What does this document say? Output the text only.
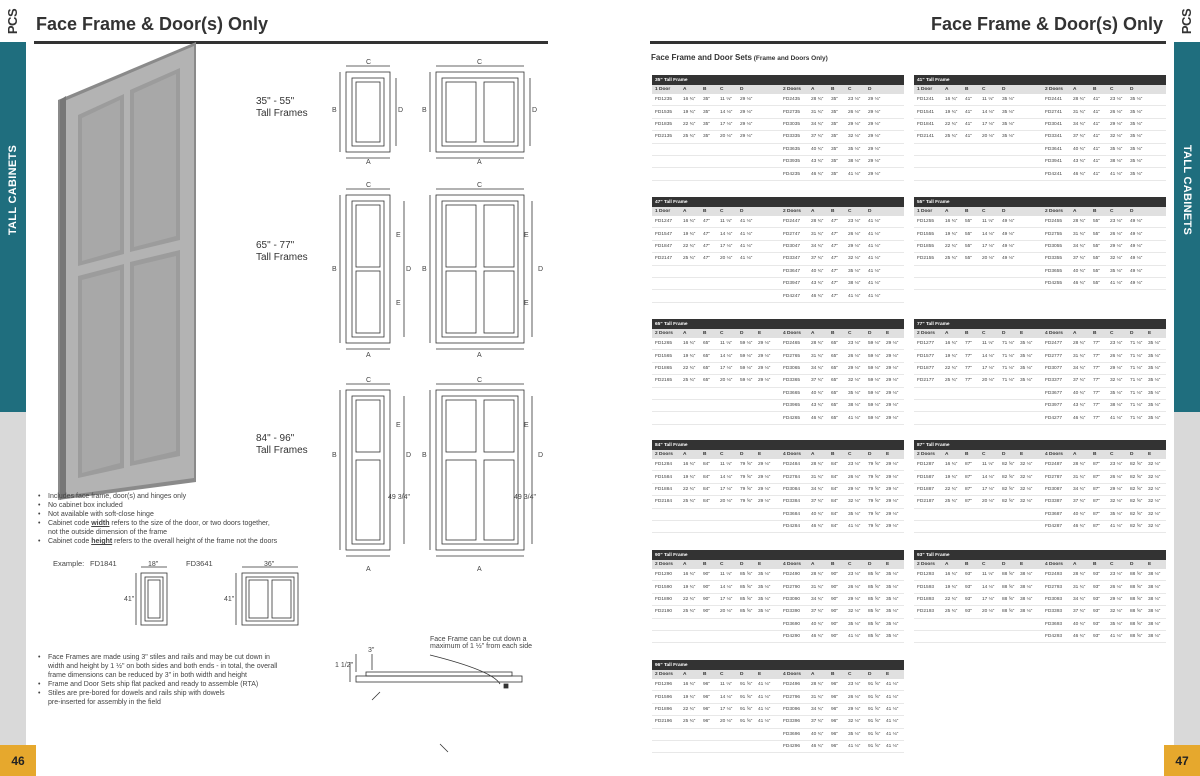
PCS
TALL CABINETS
PCS
TALL CABINETS
46	47
Face Frame & Door(s) Only	Face Frame & Door(s) Only
C	C
B	B
D	D
A	A
C	C
B	B
D	D
E
E
E
E
A	A
C	C
B	B
D	D
E	E
49 3/4"	49 3/4"
A	A
35" - 55"
Tall Frames
65" - 77"
Tall Frames
84" - 96"
Tall Frames
• Includes face frame, door(s) and hinges only
• No cabinet box included
• Not available with soft-close hinge
• Cabinet code width refers to the size of the door, or two doors together,
not the outside dimension of the frame
• Cabinet code height refers to the overall height of the frame not the doors
Example: FD1841	FD3641
18"	36"
41"	41"
• Face Frames are made using 3" stiles and rails and may be cut down in
width and height by 1 ½" on both sides and both ends - in total, the overall
frame dimensions can be reduced by 3" in both width and height
• Frame and Door Sets ship flat packed and ready to assemble (RTA)
• Stiles are pre-bored for dowels and rails ship with dowels
pre-inserted for assembly in the field
3"
1 1/2"
Face Frame can be cut down a
maximum of 1 ½" from each side
Face Frame and Door Sets (Frame and Doors Only)
35" Tall Frame
1 Door	A	B	C	D	2 Doors A	B	C	D
FD1235 16 ¾" 35" 11 ⅛" 29 ⅛"	FD2435 28 ¾" 35" 23 ⅛" 29 ⅛"
FD1535 19 ¾" 35" 14 ⅛" 29 ⅛"	FD2735 31 ¾" 35" 26 ⅛" 29 ⅛"
FD1835 22 ¾" 35" 17 ⅛" 29 ⅛"	FD3035 34 ¾" 35" 29 ⅛" 29 ⅛"
FD2135 25 ¾" 35" 20 ⅛" 29 ⅛"	FD3335 37 ¾" 35" 32 ⅛" 29 ⅛"
FD3635 40 ¾" 35" 35 ⅛" 29 ⅛"
FD3935 43 ¾" 35" 38 ⅛" 29 ⅛"
FD4235 46 ¾" 35" 41 ⅛" 29 ⅛"
41" Tall Frame
1 Door	A	B	C	D	2 Doors A	B	C	D
FD1241 16 ¾" 41" 11 ⅛" 35 ⅛"	FD2441 28 ¾" 41" 23 ⅛" 35 ⅛"
FD1541 19 ¾" 41" 14 ⅛" 35 ⅛"	FD2741 31 ¾" 41" 26 ⅛" 35 ⅛"
FD1841 22 ¾" 41" 17 ⅛" 35 ⅛"	FD3041 34 ¾" 41" 29 ⅛" 35 ⅛"
FD2141 25 ¾" 41" 20 ⅛" 35 ⅛"	FD3341 37 ¾" 41" 32 ⅛" 35 ⅛"
FD3641 40 ¾" 41" 35 ⅛" 35 ⅛"
FD3941 43 ¾" 41" 38 ⅛" 35 ⅛"
FD4241 46 ¾" 41" 41 ⅛" 35 ⅛"
47" Tall Frame
1 Door	A	B	C	D	2 Doors A	B	C	D
FD1247 16 ¾" 47" 11 ⅛" 41 ⅛"	FD2447 28 ¾" 47" 23 ⅛" 41 ⅛"
FD1547 19 ¾" 47" 14 ⅛" 41 ⅛"	FD2747 31 ¾" 47" 26 ⅛" 41 ⅛"
FD1847 22 ¾" 47" 17 ⅛" 41 ⅛"	FD3047 34 ¾" 47" 29 ⅛" 41 ⅛"
FD2147 25 ¾" 47" 20 ⅛" 41 ⅛"	FD3347 37 ¾" 47" 32 ⅛" 41 ⅛"
FD3647 40 ¾" 47" 35 ⅛" 41 ⅛"
FD3947 43 ¾" 47" 38 ⅛" 41 ⅛"
FD4247 46 ¾" 47" 41 ⅛" 41 ⅛"
55" Tall Frame
1 Door	A	B	C	D	2 Doors A	B	C	D
FD1255 16 ¾" 55" 11 ⅛" 49 ⅛"	FD2455 28 ¾" 55" 23 ⅛" 49 ⅛"
FD1555 19 ¾" 55" 14 ⅛" 49 ⅛"	FD2755 31 ¾" 55" 26 ⅛" 49 ⅛"
FD1855 22 ¾" 55" 17 ⅛" 49 ⅛"	FD3055 34 ¾" 55" 29 ⅛" 49 ⅛"
FD2155 25 ¾" 55" 20 ⅛" 49 ⅛"	FD3355 37 ¾" 55" 32 ⅛" 49 ⅛"
FD3655 40 ¾" 55" 35 ⅛" 49 ⅛"
FD4255 46 ¾" 55" 41 ⅛" 49 ⅛"
65" Tall Frame
2 Doors A	B	C	D	E	4 Doors A	B	C	D	E
FD1265 16 ¾" 65" 11 ⅛" 59 ⅛" 29 ⅛"	FD2465 28 ¾" 65" 23 ⅛" 59 ⅛" 29 ⅛"
FD1565 19 ¾" 65" 14 ⅛" 59 ⅛" 29 ⅛"	FD2765 31 ¾" 65" 26 ⅛" 59 ⅛" 29 ⅛"
FD1865 22 ¾" 65" 17 ⅛" 59 ⅛" 29 ⅛"	FD3065 34 ¾" 65" 29 ⅛" 59 ⅛" 29 ⅛"
FD2165 25 ¾" 65" 20 ⅛" 59 ⅛" 29 ⅛"	FD3365 37 ¾" 65" 32 ⅛" 59 ⅛" 29 ⅛"
FD3665 40 ¾" 65" 35 ⅛" 59 ⅛" 29 ⅛"
FD3965 43 ¾" 65" 38 ⅛" 59 ⅛" 29 ⅛"
FD4265 46 ¾" 65" 41 ⅛" 59 ⅛" 29 ⅛"
77" Tall Frame
2 Doors A	B	C	D	E	4 Doors A	B	C	D	E
FD1277 16 ¾" 77" 11 ⅛" 71 ⅛" 35 ⅛"	FD2477 28 ¾" 77" 23 ⅛" 71 ⅛" 35 ⅛"
FD1577 19 ¾" 77" 14 ⅛" 71 ⅛" 35 ⅛"	FD2777 31 ¾" 77" 26 ⅛" 71 ⅛" 35 ⅛"
FD1877 22 ¾" 77" 17 ⅛" 71 ⅛" 35 ⅛"	FD3077 34 ¾" 77" 29 ⅛" 71 ⅛" 35 ⅛"
FD2177 25 ¾" 77" 20 ⅛" 71 ⅛" 35 ⅛"	FD3377 37 ¾" 77" 32 ⅛" 71 ⅛" 35 ⅛"
FD3677 40 ¾" 77" 35 ⅛" 71 ⅛" 35 ⅛"
FD3977 43 ¾" 77" 38 ⅛" 71 ⅛" 35 ⅛"
FD4277 46 ¾" 77" 41 ⅛" 71 ⅛" 35 ⅛"
84" Tall Frame
2 Doors A	B	C	D	E	4 Doors A	B	C	D	E
FD1284 16 ¾" 84" 11 ⅛" 79 ⅝" 29 ⅛"	FD2484 28 ¾" 84" 23 ⅛" 79 ⅝" 29 ⅛"
FD1584 19 ¾" 84" 14 ⅛" 79 ⅝" 29 ⅛"	FD2784 31 ¾" 84" 26 ⅛" 79 ⅝" 29 ⅛"
FD1884 22 ¾" 84" 17 ⅛" 79 ⅝" 29 ⅛"	FD3084 34 ¾" 84" 29 ⅛" 79 ⅝" 29 ⅛"
FD2184 25 ¾" 84" 20 ⅛" 79 ⅝" 29 ⅛"	FD3384 37 ¾" 84" 32 ⅛" 79 ⅝" 29 ⅛"
FD3684 40 ¾" 84" 35 ⅛" 79 ⅝" 29 ⅛"
FD4284 46 ¾" 84" 41 ⅛" 79 ⅝" 29 ⅛"
87" Tall Frame
2 Doors A	B	C	D	E	4 Doors A	B	C	D	E
FD1287 16 ¾" 87" 11 ⅛" 82 ⅝" 32 ⅛"	FD2487 28 ¾" 87" 23 ⅛" 82 ⅝" 32 ⅛"
FD1587 19 ¾" 87" 14 ⅛" 82 ⅝" 32 ⅛"	FD2787 31 ¾" 87" 26 ⅛" 82 ⅝" 32 ⅛"
FD1887 22 ¾" 87" 17 ⅛" 82 ⅝" 32 ⅛"	FD3087 34 ¾" 87" 29 ⅛" 82 ⅝" 32 ⅛"
FD2187 25 ¾" 87" 20 ⅛" 82 ⅝" 32 ⅛"	FD3387 37 ¾" 87" 32 ⅛" 82 ⅝" 32 ⅛"
FD3687 40 ¾" 87" 35 ⅛" 82 ⅝" 32 ⅛"
FD4287 46 ¾" 87" 41 ⅛" 82 ⅝" 32 ⅛"
90" Tall Frame
2 Doors A	B	C	D	E	4 Doors A	B	C	D	E
FD1290 16 ¾" 90" 11 ⅛" 85 ⅝" 35 ⅛"	FD2490 28 ¾" 90" 23 ⅛" 85 ⅝" 35 ⅛"
FD1590 19 ¾" 90" 14 ⅛" 85 ⅝" 35 ⅛"	FD2790 31 ¾" 90" 26 ⅛" 85 ⅝" 35 ⅛"
FD1890 22 ¾" 90" 17 ⅛" 85 ⅝" 35 ⅛"	FD3090 34 ¾" 90" 29 ⅛" 85 ⅝" 35 ⅛"
FD2190 25 ¾" 90" 20 ⅛" 85 ⅝" 35 ⅛"	FD3390 37 ¾" 90" 32 ⅛" 85 ⅝" 35 ⅛"
FD3690 40 ¾" 90" 35 ⅛" 85 ⅝" 35 ⅛"
FD4290 46 ¾" 90" 41 ⅛" 85 ⅝" 35 ⅛"
93" Tall Frame
2 Doors A	B	C	D	E	4 Doors A	B	C	D	E
FD1293 16 ¾" 93" 11 ⅛" 88 ⅝" 38 ⅛"	FD2493 28 ¾" 93" 23 ⅛" 88 ⅝" 38 ⅛"
FD1593 19 ¾" 93" 14 ⅛" 88 ⅝" 38 ⅛"	FD2793 31 ¾" 93" 26 ⅛" 88 ⅝" 38 ⅛"
FD1893 22 ¾" 93" 17 ⅛" 88 ⅝" 38 ⅛"	FD3093 34 ¾" 93" 29 ⅛" 88 ⅝" 38 ⅛"
FD2193 25 ¾" 93" 20 ⅛" 88 ⅝" 38 ⅛"	FD3393 37 ¾" 93" 32 ⅛" 88 ⅝" 38 ⅛"
FD3693 40 ¾" 93" 35 ⅛" 88 ⅝" 38 ⅛"
FD4293 46 ¾" 93" 41 ⅛" 88 ⅝" 38 ⅛"
96" Tall Frame
2 Doors A	B	C	D	E	4 Doors A	B	C	D	E
FD1296 16 ¾" 96" 11 ⅛" 91 ⅝" 41 ⅛"	FD2496 28 ¾" 96" 23 ⅛" 91 ⅝" 41 ⅛"
FD1596 19 ¾" 96" 14 ⅛" 91 ⅝" 41 ⅛"	FD2796 31 ¾" 96" 26 ⅛" 91 ⅝" 41 ⅛"
FD1896 22 ¾" 96" 17 ⅛" 91 ⅝" 41 ⅛"	FD3096 34 ¾" 96" 29 ⅛" 91 ⅝" 41 ⅛"
FD2196 25 ¾" 96" 20 ⅛" 91 ⅝" 41 ⅛"	FD3396 37 ¾" 96" 32 ⅛" 91 ⅝" 41 ⅛"
FD3696 40 ¾" 96" 35 ⅛" 91 ⅝" 41 ⅛"
FD4296 46 ¾" 96" 41 ⅛" 91 ⅝" 41 ⅛"
